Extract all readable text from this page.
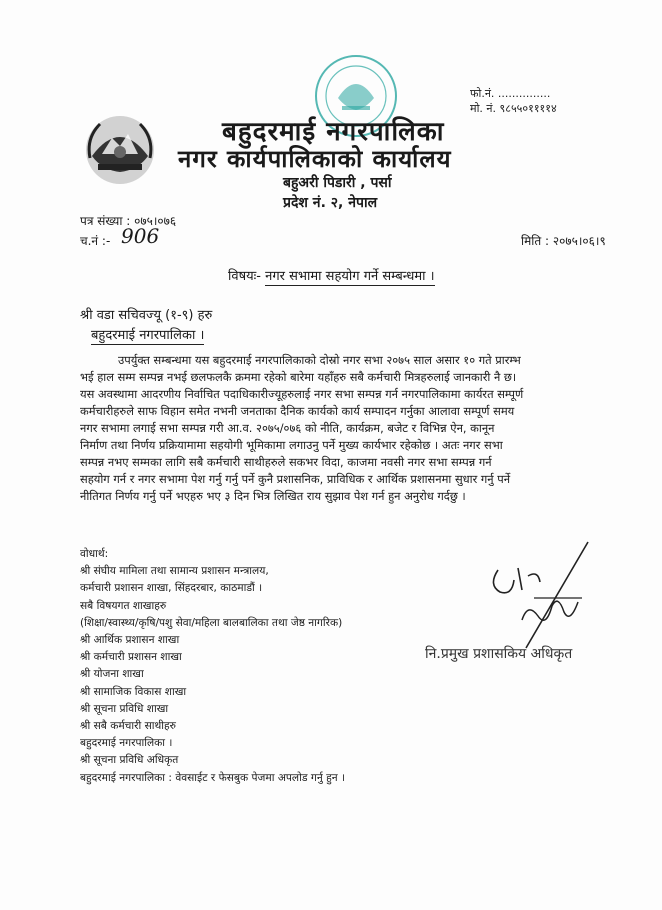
फो.नं. ...............
मो. नं. ९८५५०११११४
बहुदरमाई नगरपालिका
नगर कार्यपालिकाको कार्यालय
बहुअरी पिडारी , पर्सा
प्रदेश नं. २, नेपाल
पत्र संख्या : ०७५।०७६
च.नं :- 906	मिति : २०७५।०६।९
विषयः- नगर सभामा सहयोग गर्ने सम्बन्धमा ।
श्री वडा सचिवज्यू (१-९) हरु
बहुदरमाई नगरपालिका ।
उपर्युक्त सम्बन्धमा यस बहुदरमाई नगरपालिकाको दोस्रो नगर सभा २०७५ साल असार १० गते प्रारम्भ
भई हाल सम्म सम्पन्न नभई छलफलकै क्रममा रहेको बारेमा यहाँहरु सबै कर्मचारी मित्रहरुलाई जानकारी नै छ।
यस अवस्थामा आदरणीय निर्वाचित पदाधिकारीज्यूहरुलाई नगर सभा सम्पन्न गर्न नगरपालिकामा कार्यरत सम्पूर्ण
कर्मचारीहरुले साफ विहान समेत नभनी जनताका दैनिक कार्यको कार्य सम्पादन गर्नुका आलावा सम्पूर्ण समय
नगर सभामा लगाई सभा सम्पन्न गरी आ.व. २०७५/०७६ को नीति, कार्यक्रम, बजेट र विभिन्न ऐन, कानून
निर्माण तथा निर्णय प्रक्रियामामा सहयोगी भूमिकामा लगाउनु पर्ने मुख्य कार्यभार रहेकोछ । अतः नगर सभा
सम्पन्न नभए सम्मका लागि सबै कर्मचारी साथीहरुले सकभर विदा, काजमा नवसी नगर सभा सम्पन्न गर्न
सहयोग गर्न र नगर सभामा पेश गर्नु गर्नु पर्ने कुनै प्रशासनिक, प्राविधिक र आर्थिक प्रशासनमा सुधार गर्नु पर्ने
नीतिगत निर्णय गर्नु पर्ने भएहरु भए ३ दिन भित्र लिखित राय सुझाव पेश गर्न हुन अनुरोध गर्दछु ।
वोधार्थ:
श्री संघीय मामिला तथा सामान्य प्रशासन मन्त्रालय,
कर्मचारी प्रशासन शाखा, सिंहदरबार, काठमाडौं ।
सबै विषयगत शाखाहरु
(शिक्षा/स्वास्थ्य/कृषि/पशु सेवा/महिला बालबालिका तथा जेष्ठ नागरिक)
श्री आर्थिक प्रशासन शाखा
श्री कर्मचारी प्रशासन शाखा
श्री योजना शाखा
श्री सामाजिक विकास शाखा
श्री सूचना प्रविधि शाखा
श्री सबै कर्मचारी साथीहरु
बहुदरमाई नगरपालिका ।
श्री सूचना प्रविधि अधिकृत
बहुदरमाई नगरपालिका : वेवसाईट र फेसबुक पेजमा अपलोड गर्नु हुन ।
नि.प्रमुख प्रशासकिय अधिकृत
